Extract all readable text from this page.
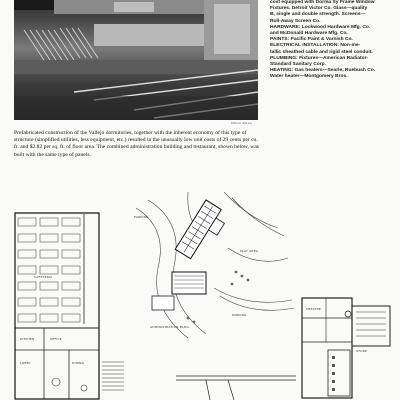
Wilton Abrew

cost equipped with Dorma Sy Frame Window

Fixtures. Detroit Victor Co. Glass—quality

B, single and double strength. Screens—

Roll-Away Screen Co.

HARDWARE: Lockwood Hardware Mfg. Co.

and McDonald Hardware Mfg. Co.

PAINTS: Pacific Paint & Varnish Co.

ELECTRICAL INSTALLATION: Non-me-

tallic sheathed cable and rigid steel conduit.

PLUMBING: Fixtures—American Radiator-

Standard Sanitary Corp.

HEATING: Gas heaters—Searle, Ruebush Co.

Water heater—Montgomery Bros.

Prefabricated construction of the Vallejo dormitories, together with the inherent economy of this type of structure (simplified utilities, less equipment, etc.) resulted in the unusually low unit costs of 29 cents per cu. ft. and $2.82 per sq. ft. of floor area. The combined administration building and restaurant, shown below, was built with the same type of panels.
CAFETERIA
KITCHEN	OFFICE
LOBBY	DINING
PARKING
PLAY AREA
ADMINISTRATION BLDG.
PARKING
THEATRE
STORE
